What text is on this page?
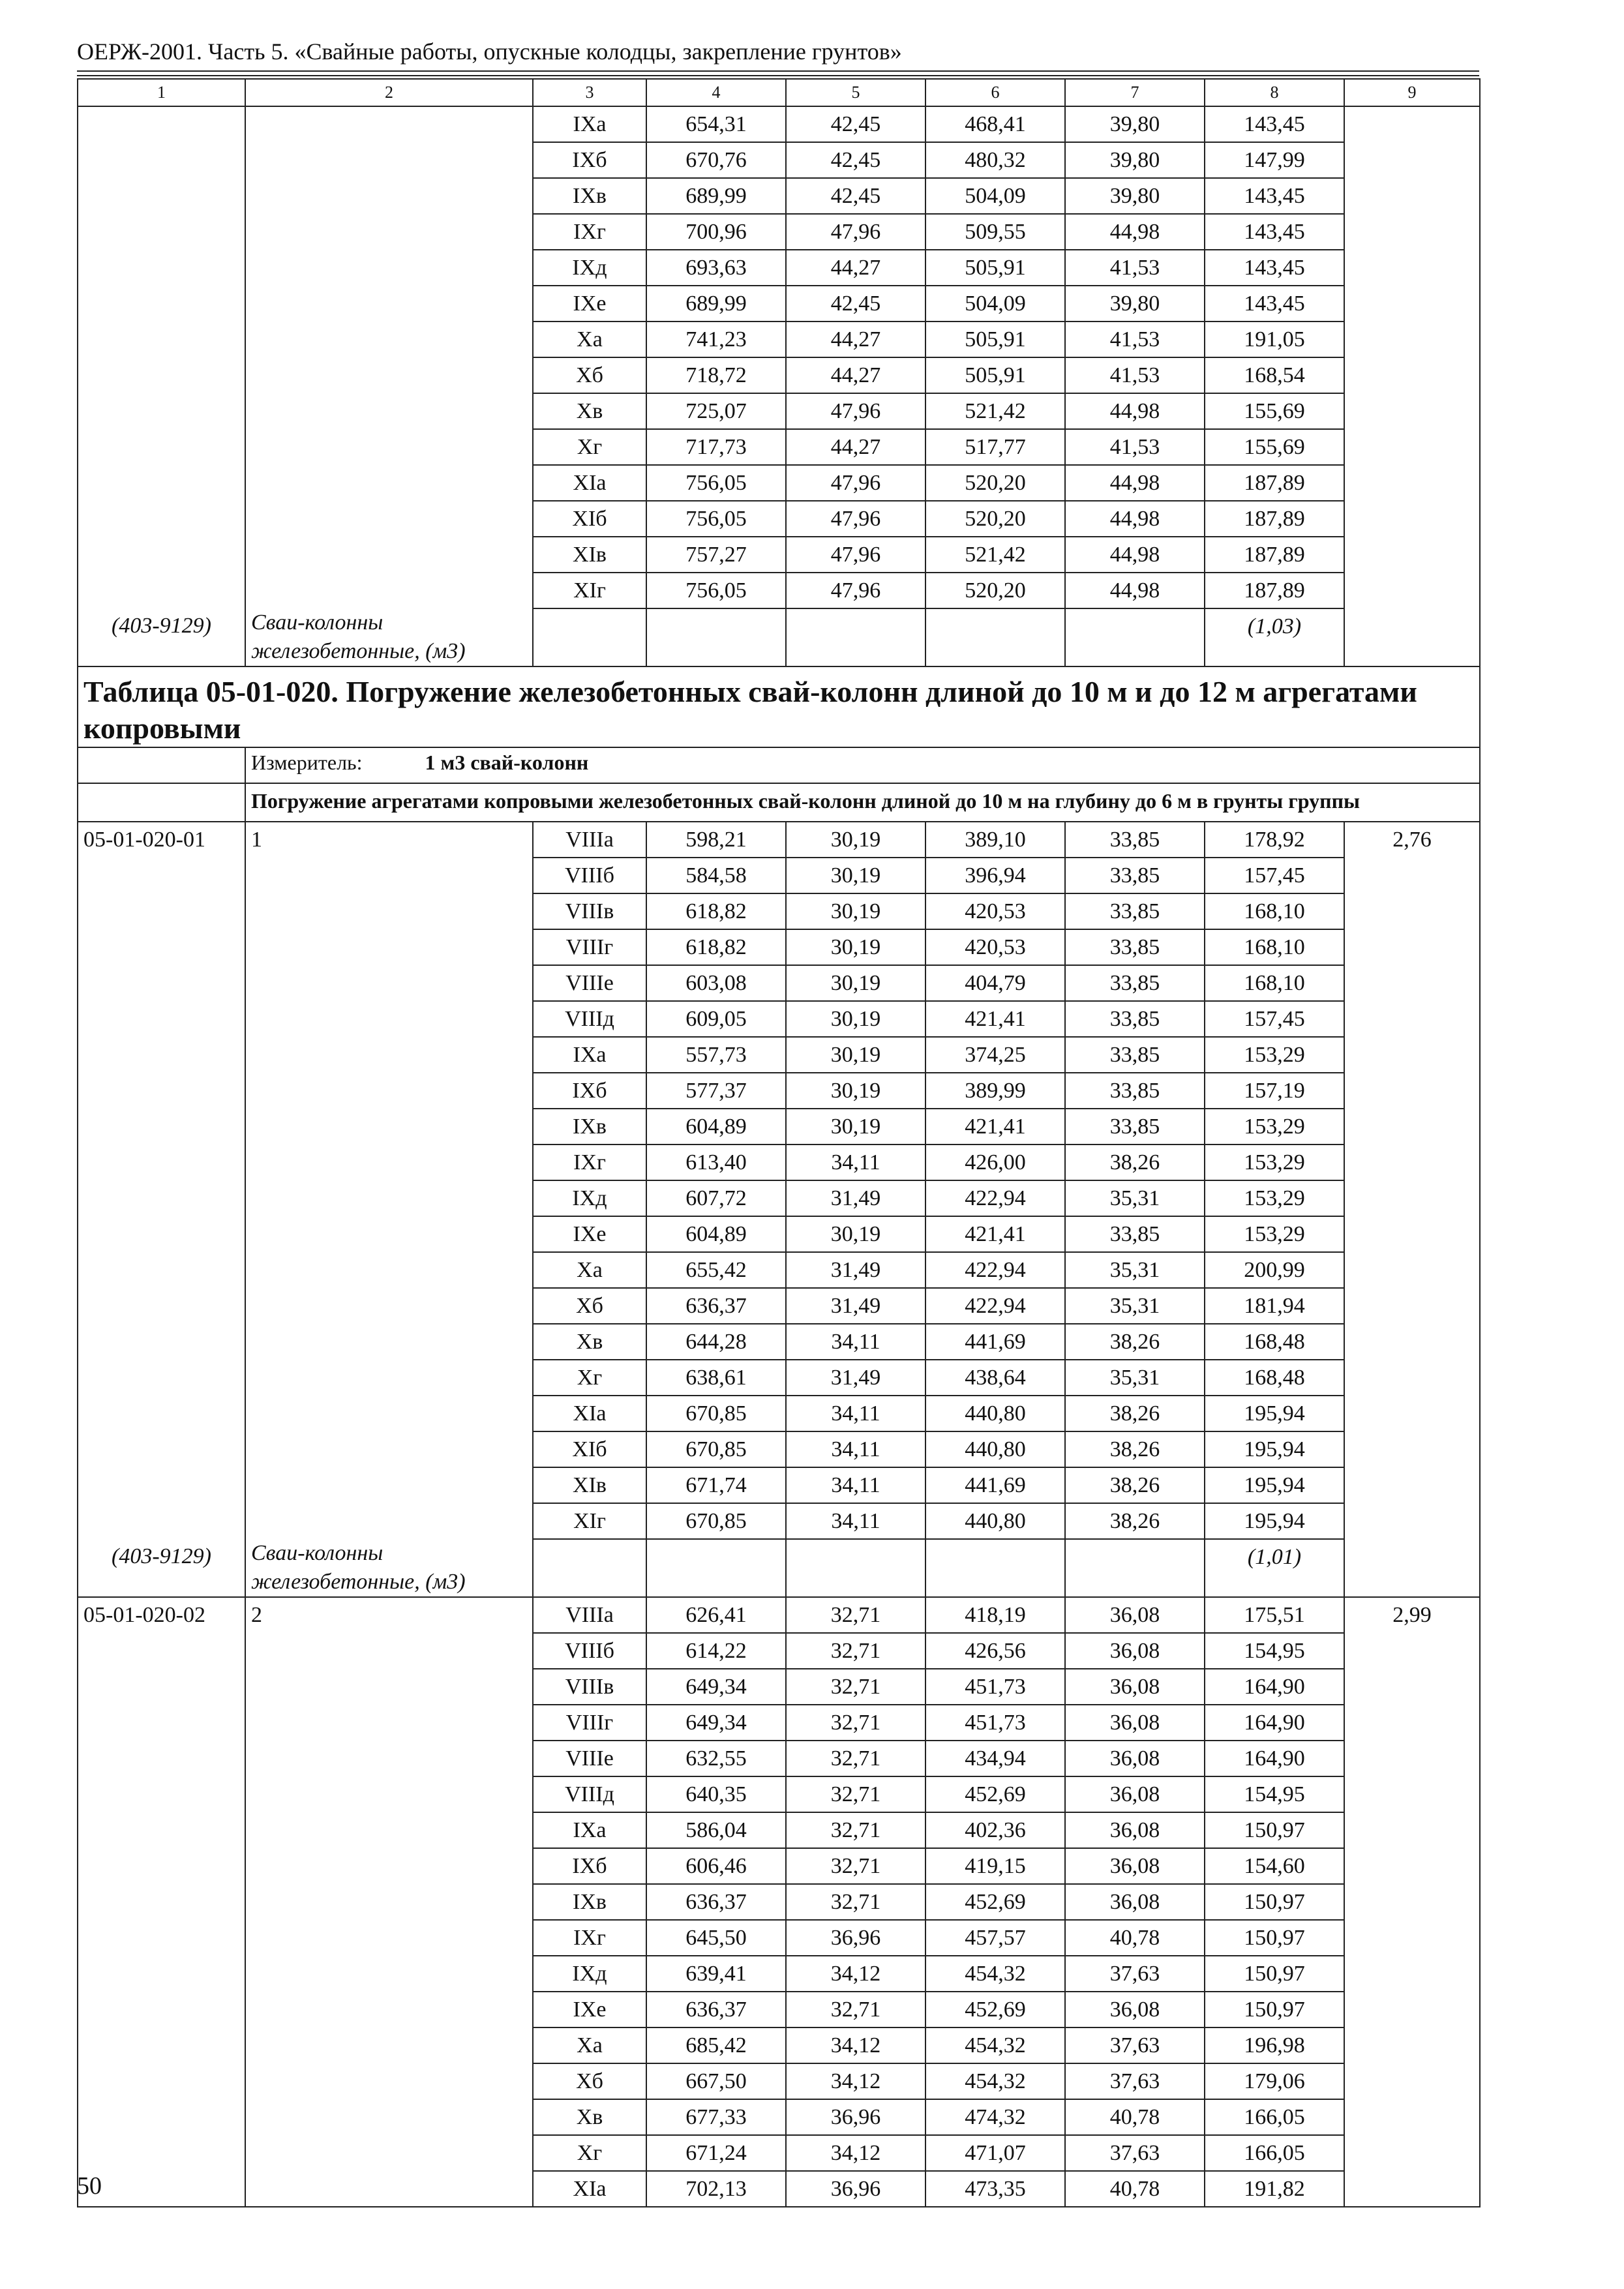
ОЕРЖ-2001. Часть 5. «Свайные работы, опускные колодцы, закрепление грунтов»
1	2	3	4	5	6	7	8	9
		IXа	654,31	42,45	468,41	39,80	143,45	
		IXб	670,76	42,45	480,32	39,80	147,99	
		IXв	689,99	42,45	504,09	39,80	143,45	
		IXг	700,96	47,96	509,55	44,98	143,45	
		IXд	693,63	44,27	505,91	41,53	143,45	
		IXе	689,99	42,45	504,09	39,80	143,45	
		Xа	741,23	44,27	505,91	41,53	191,05	
		Xб	718,72	44,27	505,91	41,53	168,54	
		Xв	725,07	47,96	521,42	44,98	155,69	
		Xг	717,73	44,27	517,77	41,53	155,69	
		XIа	756,05	47,96	520,20	44,98	187,89	
		XIб	756,05	47,96	520,20	44,98	187,89	
		XIв	757,27	47,96	521,42	44,98	187,89	
		XIг	756,05	47,96	520,20	44,98	187,89	
(403-9129)	Сваи-колонны железобетонные, (м3)						(1,03)	
Таблица 05-01-020. Погружение железобетонных свай-колонн длиной до 10 м и до 12 м агрегатами копровыми								
	Измеритель: 1 м3 свай-колонн							
	Погружение агрегатами копровыми железобетонных свай-колонн длиной до 10 м на глубину до 6 м в грунты группы							
05-01-020-01	1	VIIIа	598,21	30,19	389,10	33,85	178,92	2,76
		VIIIб	584,58	30,19	396,94	33,85	157,45	
		VIIIв	618,82	30,19	420,53	33,85	168,10	
		VIIIг	618,82	30,19	420,53	33,85	168,10	
		VIIIе	603,08	30,19	404,79	33,85	168,10	
		VIIIд	609,05	30,19	421,41	33,85	157,45	
		IXа	557,73	30,19	374,25	33,85	153,29	
		IXб	577,37	30,19	389,99	33,85	157,19	
		IXв	604,89	30,19	421,41	33,85	153,29	
		IXг	613,40	34,11	426,00	38,26	153,29	
		IXд	607,72	31,49	422,94	35,31	153,29	
		IXе	604,89	30,19	421,41	33,85	153,29	
		Xа	655,42	31,49	422,94	35,31	200,99	
		Xб	636,37	31,49	422,94	35,31	181,94	
		Xв	644,28	34,11	441,69	38,26	168,48	
		Xг	638,61	31,49	438,64	35,31	168,48	
		XIа	670,85	34,11	440,80	38,26	195,94	
		XIб	670,85	34,11	440,80	38,26	195,94	
		XIв	671,74	34,11	441,69	38,26	195,94	
		XIг	670,85	34,11	440,80	38,26	195,94	
(403-9129)	Сваи-колонны железобетонные, (м3)						(1,01)	
05-01-020-02	2	VIIIа	626,41	32,71	418,19	36,08	175,51	2,99
		VIIIб	614,22	32,71	426,56	36,08	154,95	
		VIIIв	649,34	32,71	451,73	36,08	164,90	
		VIIIг	649,34	32,71	451,73	36,08	164,90	
		VIIIе	632,55	32,71	434,94	36,08	164,90	
		VIIIд	640,35	32,71	452,69	36,08	154,95	
		IXа	586,04	32,71	402,36	36,08	150,97	
		IXб	606,46	32,71	419,15	36,08	154,60	
		IXв	636,37	32,71	452,69	36,08	150,97	
		IXг	645,50	36,96	457,57	40,78	150,97	
		IXд	639,41	34,12	454,32	37,63	150,97	
		IXе	636,37	32,71	452,69	36,08	150,97	
		Xа	685,42	34,12	454,32	37,63	196,98	
		Xб	667,50	34,12	454,32	37,63	179,06	
		Xв	677,33	36,96	474,32	40,78	166,05	
		Xг	671,24	34,12	471,07	37,63	166,05	
		XIа	702,13	36,96	473,35	40,78	191,82	
50
